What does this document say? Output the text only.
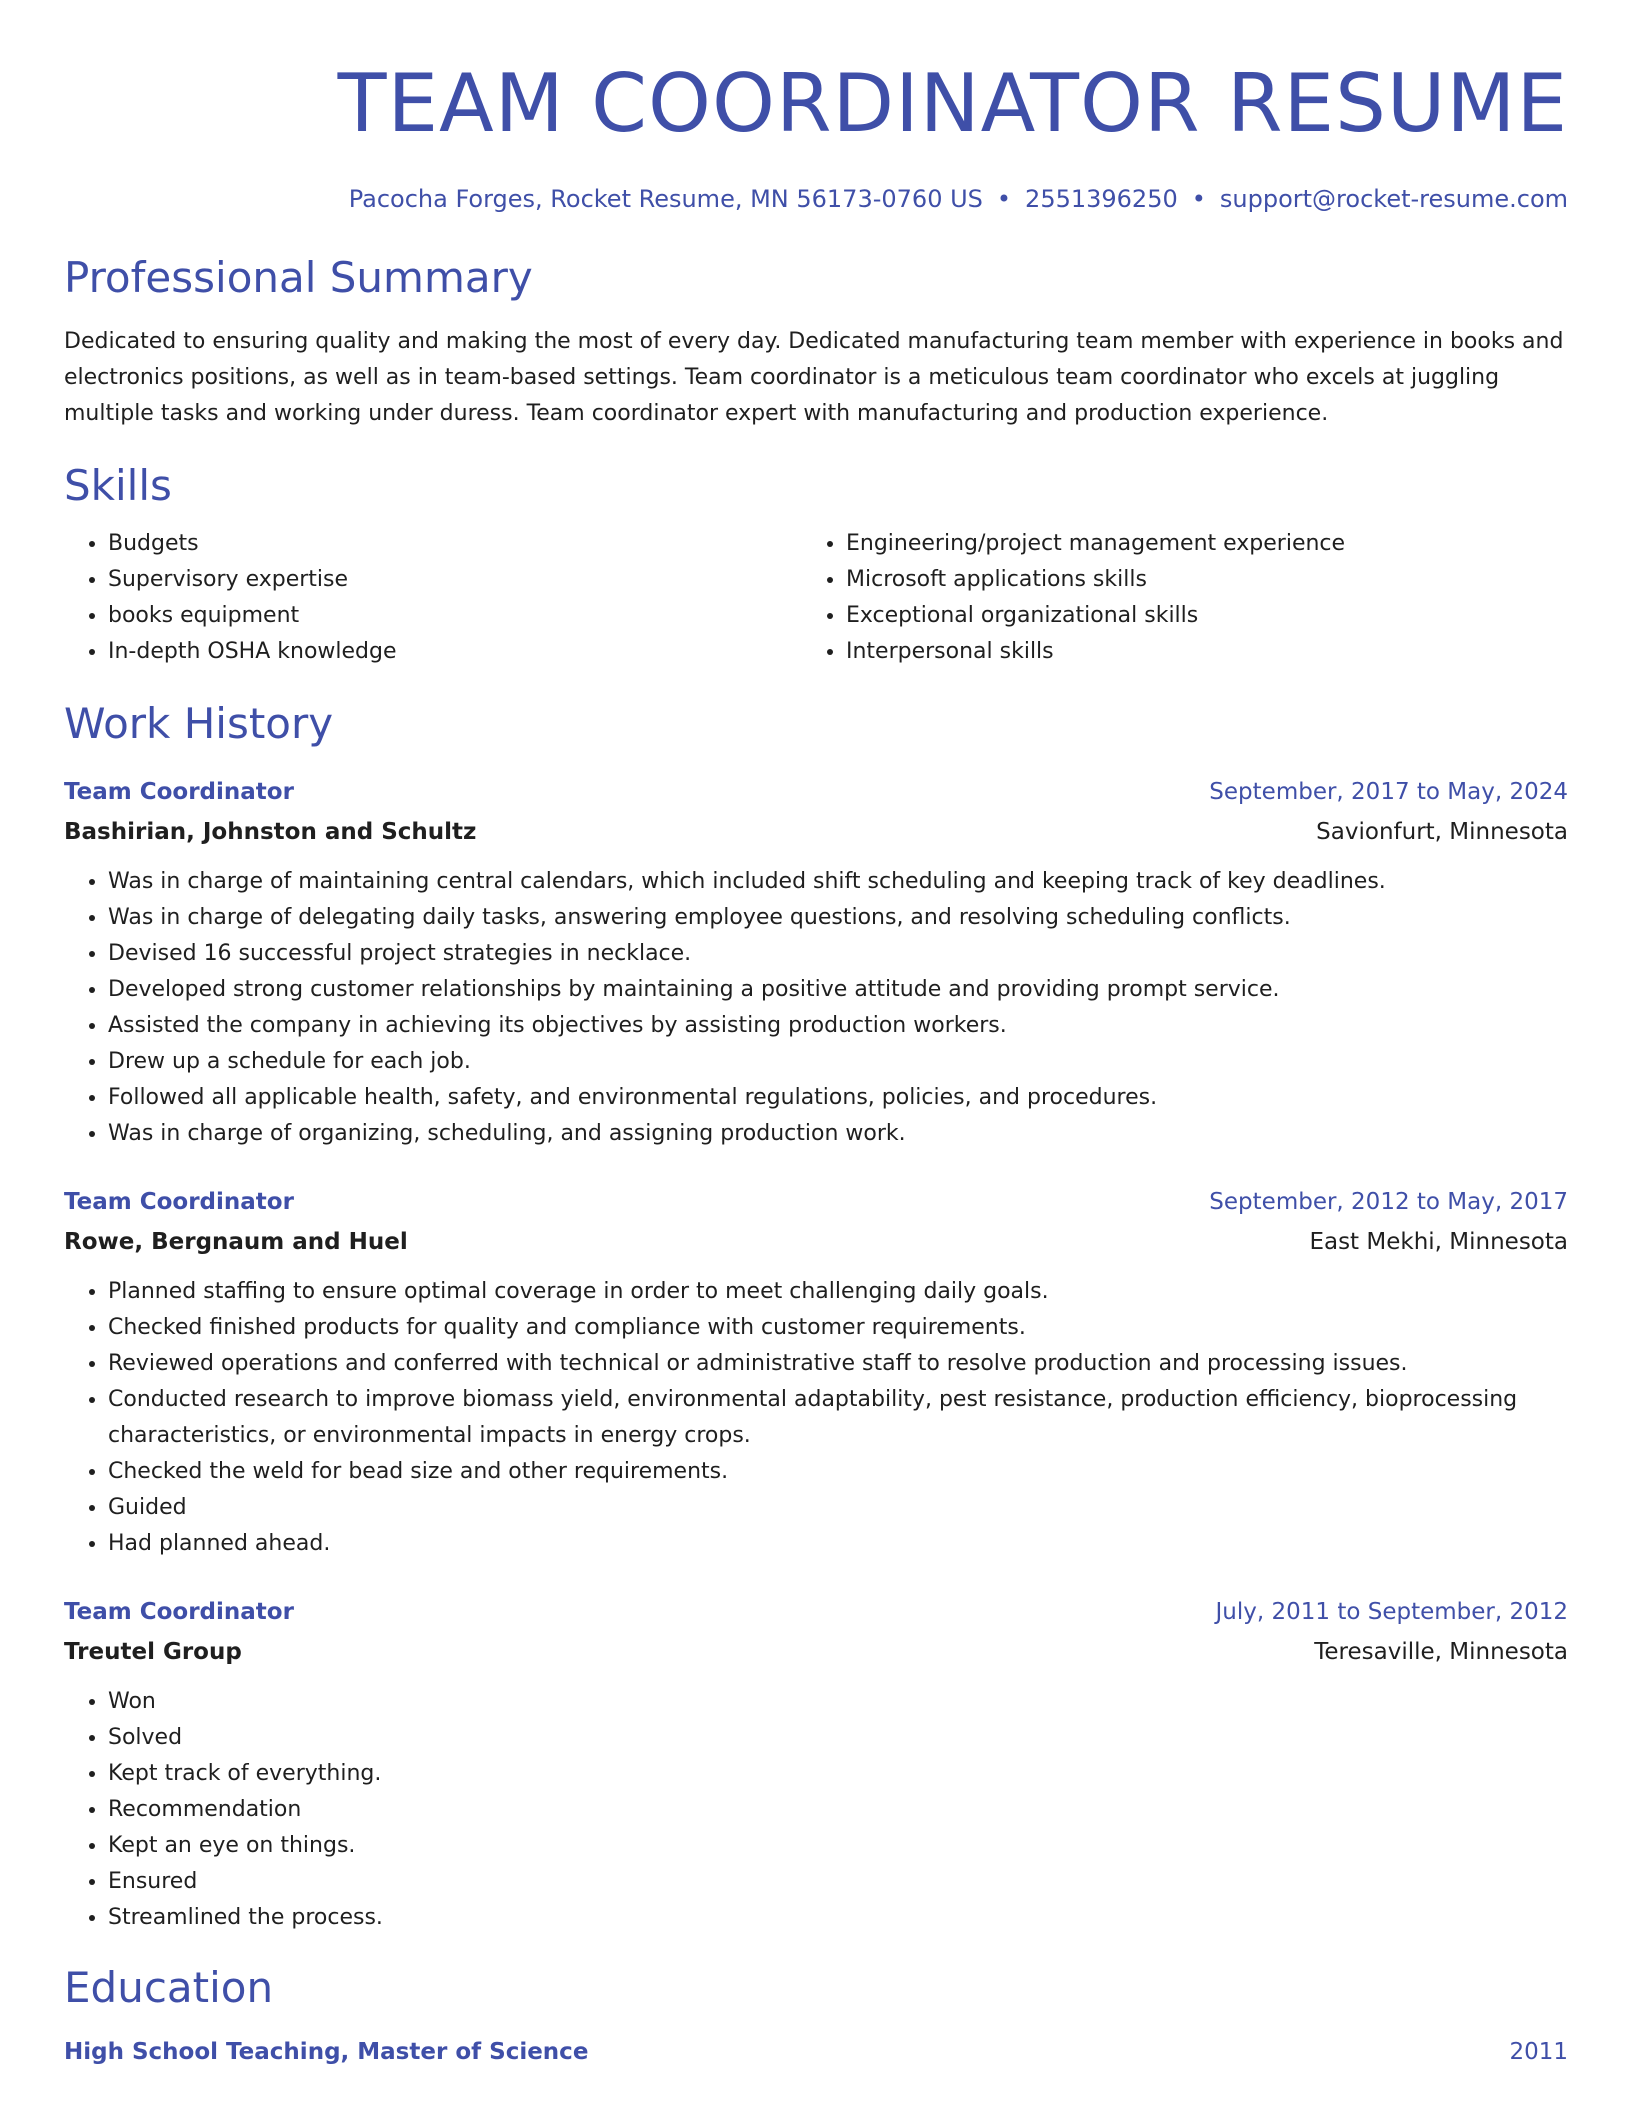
TEAM COORDINATOR RESUME
Pacocha Forges, Rocket Resume, MN 56173-0760 US • 2551396250 • support@rocket-resume.com
Professional Summary

Dedicated to ensuring quality and making the most of every day. Dedicated manufacturing team member with experience in books and electronics positions, as well as in team-based settings. Team coordinator is a meticulous team coordinator who excels at juggling multiple tasks and working under duress. Team coordinator expert with manufacturing and production experience.

Skills
• Budgets
• Supervisory expertise
• books equipment
• In-depth OSHA knowledge
• Engineering/project management experience
• Microsoft applications skills
• Exceptional organizational skills
• Interpersonal skills
Work History
Team Coordinator	September, 2017 to May, 2024
Bashirian, Johnston and Schultz	Savionfurt, Minnesota
• Was in charge of maintaining central calendars, which included shift scheduling and keeping track of key deadlines.
• Was in charge of delegating daily tasks, answering employee questions, and resolving scheduling conflicts.
• Devised 16 successful project strategies in necklace.
• Developed strong customer relationships by maintaining a positive attitude and providing prompt service.
• Assisted the company in achieving its objectives by assisting production workers.
• Drew up a schedule for each job.
• Followed all applicable health, safety, and environmental regulations, policies, and procedures.
• Was in charge of organizing, scheduling, and assigning production work.
Team Coordinator	September, 2012 to May, 2017
Rowe, Bergnaum and Huel	East Mekhi, Minnesota
• Planned staffing to ensure optimal coverage in order to meet challenging daily goals.
• Checked finished products for quality and compliance with customer requirements.
• Reviewed operations and conferred with technical or administrative staff to resolve production and processing issues.
• Conducted research to improve biomass yield, environmental adaptability, pest resistance, production efficiency, bioprocessing characteristics, or environmental impacts in energy crops.
• Checked the weld for bead size and other requirements.
• Guided
• Had planned ahead.
Team Coordinator	July, 2011 to September, 2012
Treutel Group	Teresaville, Minnesota
• Won
• Solved
• Kept track of everything.
• Recommendation
• Kept an eye on things.
• Ensured
• Streamlined the process.
Education
High School Teaching, Master of Science	2011
